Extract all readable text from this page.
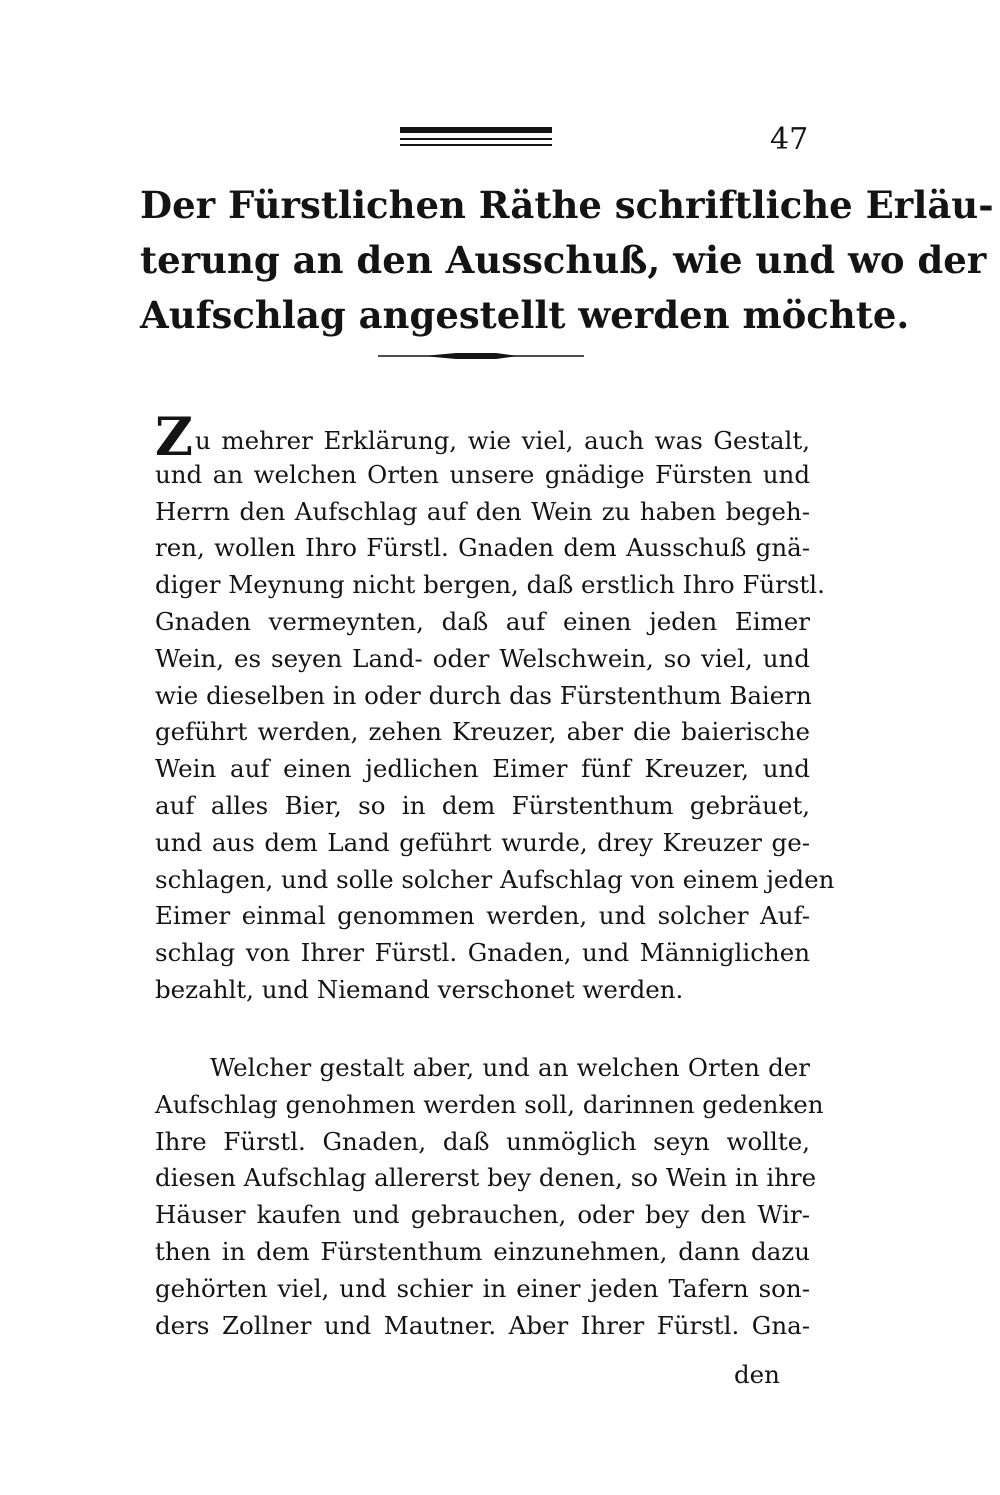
47
Der Fürstlichen Räthe schriftliche Erläu-
terung an den Ausschuß, wie und wo der
Aufschlag angestellt werden möchte.
Zu mehrer Erklärung, wie viel, auch was Gestalt,
und an welchen Orten unsere gnädige Fürsten und
Herrn den Aufschlag auf den Wein zu haben begeh-
ren, wollen Ihro Fürstl. Gnaden dem Ausschuß gnä-
diger Meynung nicht bergen, daß erstlich Ihro Fürstl.
Gnaden vermeynten, daß auf einen jeden Eimer
Wein, es seyen Land- oder Welschwein, so viel, und
wie dieselben in oder durch das Fürstenthum Baiern
geführt werden, zehen Kreuzer, aber die baierische
Wein auf einen jedlichen Eimer fünf Kreuzer, und
auf alles Bier, so in dem Fürstenthum gebräuet,
und aus dem Land geführt wurde, drey Kreuzer ge-
schlagen, und solle solcher Aufschlag von einem jeden
Eimer einmal genommen werden, und solcher Auf-
schlag von Ihrer Fürstl. Gnaden, und Männiglichen
bezahlt, und Niemand verschonet werden.
Welcher gestalt aber, und an welchen Orten der
Aufschlag genohmen werden soll, darinnen gedenken
Ihre Fürstl. Gnaden, daß unmöglich seyn wollte,
diesen Aufschlag allererst bey denen, so Wein in ihre
Häuser kaufen und gebrauchen, oder bey den Wir-
then in dem Fürstenthum einzunehmen, dann dazu
gehörten viel, und schier in einer jeden Tafern son-
ders Zollner und Mautner. Aber Ihrer Fürstl. Gna-
den
